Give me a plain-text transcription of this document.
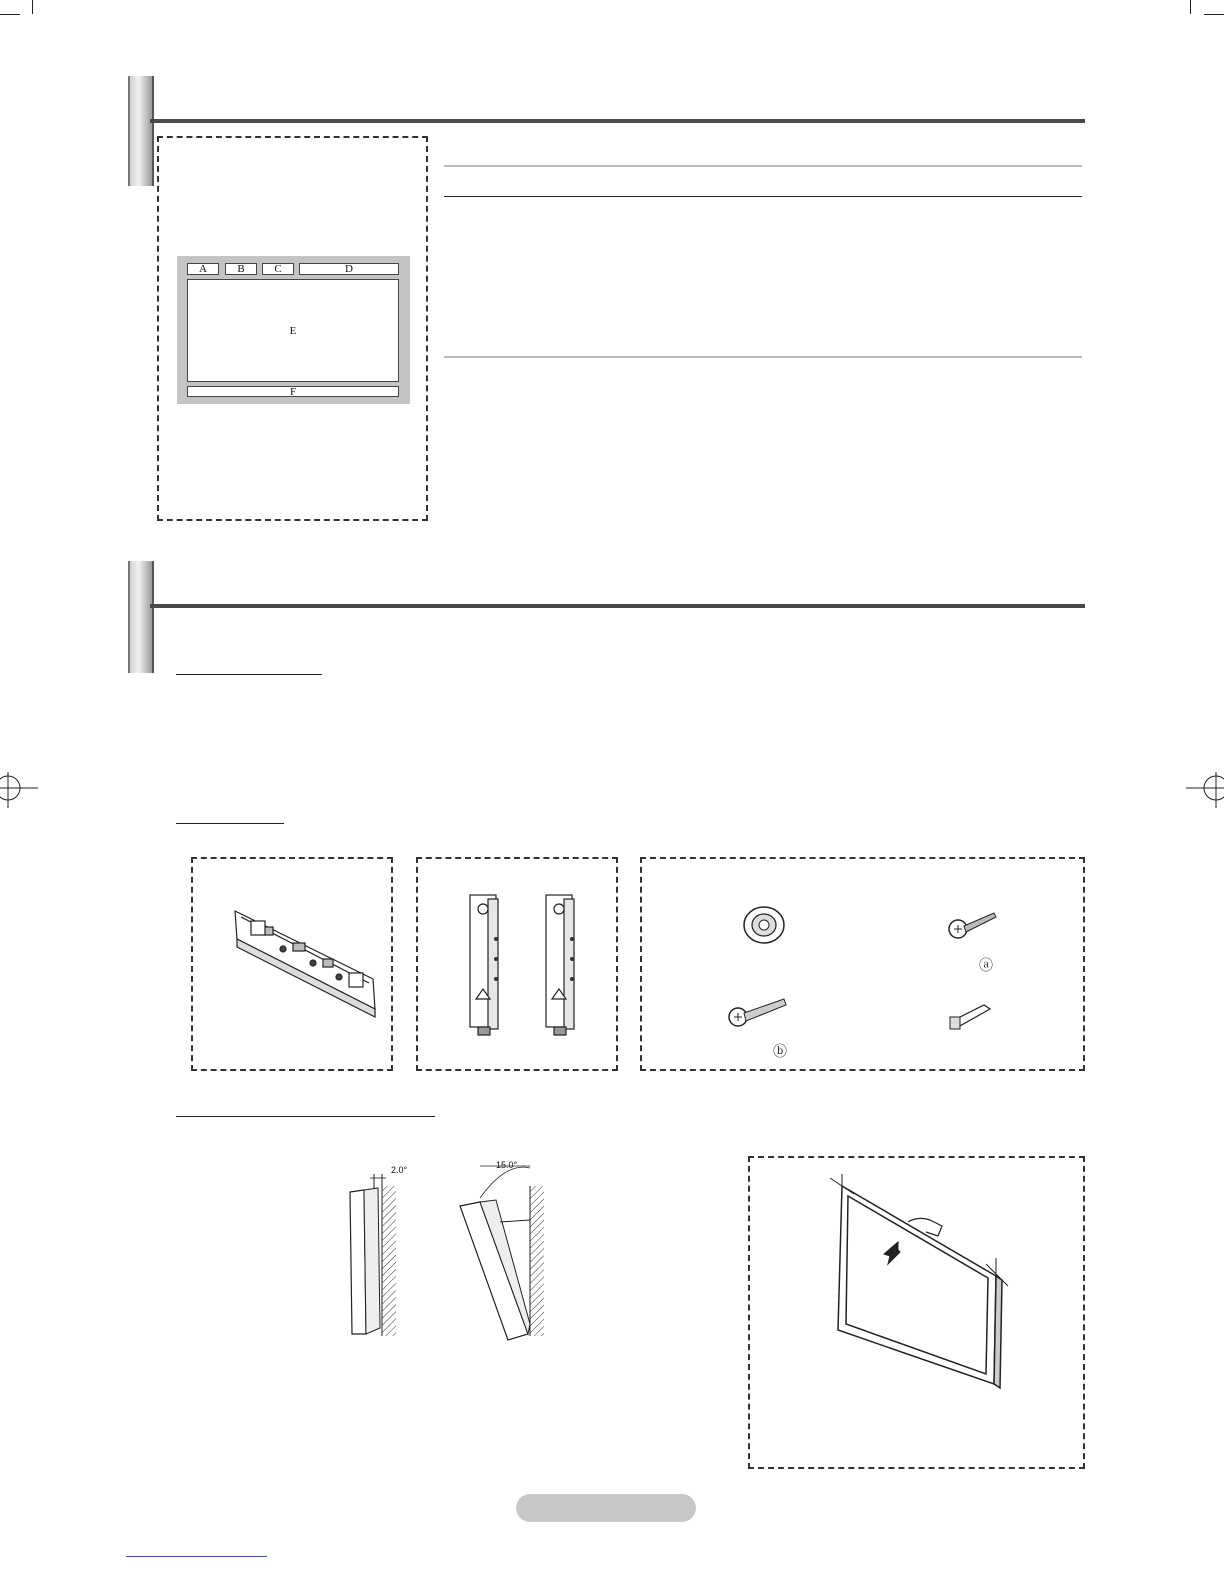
A	B	C	D
E
F
ⓐ
ⓑ
2.0°	15.0°
